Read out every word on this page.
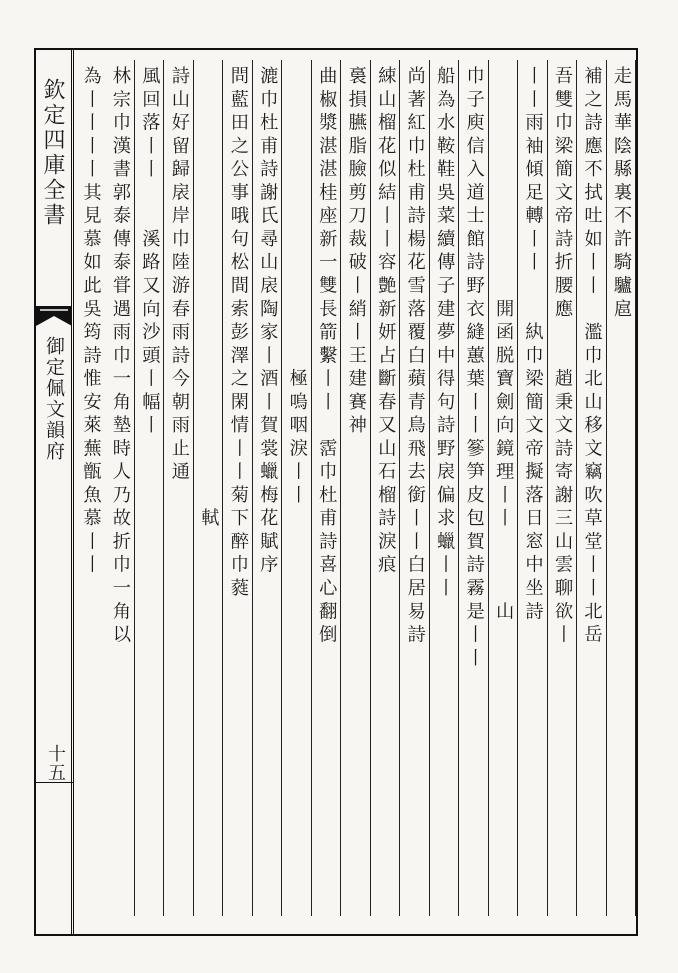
欽定四庫全書
御定佩文韻府
十五
走馬華陰縣裏不許騎驢扈
補之詩應不拭吐如丨丨　濫巾北山移文竊吹草堂丨丨北岳
吾雙巾梁簡文帝詩折腰應　　趙秉文詩寄謝三山雲聊欲丨
丨丨雨袖傾足轉丨丨　　紈巾梁簡文帝擬落日窓中坐詩
　　　　　　　　　　開函脱寶劍向鏡理丨丨　　　山
巾子庾信入道士館詩野衣縫蕙葉丨丨篸笋皮包賀詩霧是丨丨
船為水鞍鞋吳菜續傳子建夢中得句詩野扆偏求蠟丨丨
尚著紅巾杜甫詩楊花雪落覆白蘋青鳥飛去銜丨丨白居易詩
綀山榴花似結丨丨容艶新妍占斷春又山石榴詩淚痕
裛損臙脂臉剪刀裁破丨綃丨王建賽神
曲椒漿湛湛桂座新一雙長箭繫丨丨　霑巾杜甫詩喜心翻倒
　　　　　　　　　　　　　極嗚咽淚丨丨
漉巾杜甫詩謝氏尋山扆陶家丨酒丨賀裳蠟梅花賦序
問藍田之公事哦句松間索彭澤之閑情丨丨菊下醉巾蕤
　　　　　　　　　　　　　　　　　　　軾
詩山好留歸扆岸巾陸游春雨詩今朝雨止通
風回落丨丨　　溪路又向沙頭丨幅丨
林宗巾漢書郭泰傳泰甞遇雨巾一角墊時人乃故折巾一角以
為丨丨丨丨其見慕如此吳筠詩惟安萊蕪甑魚慕丨丨
